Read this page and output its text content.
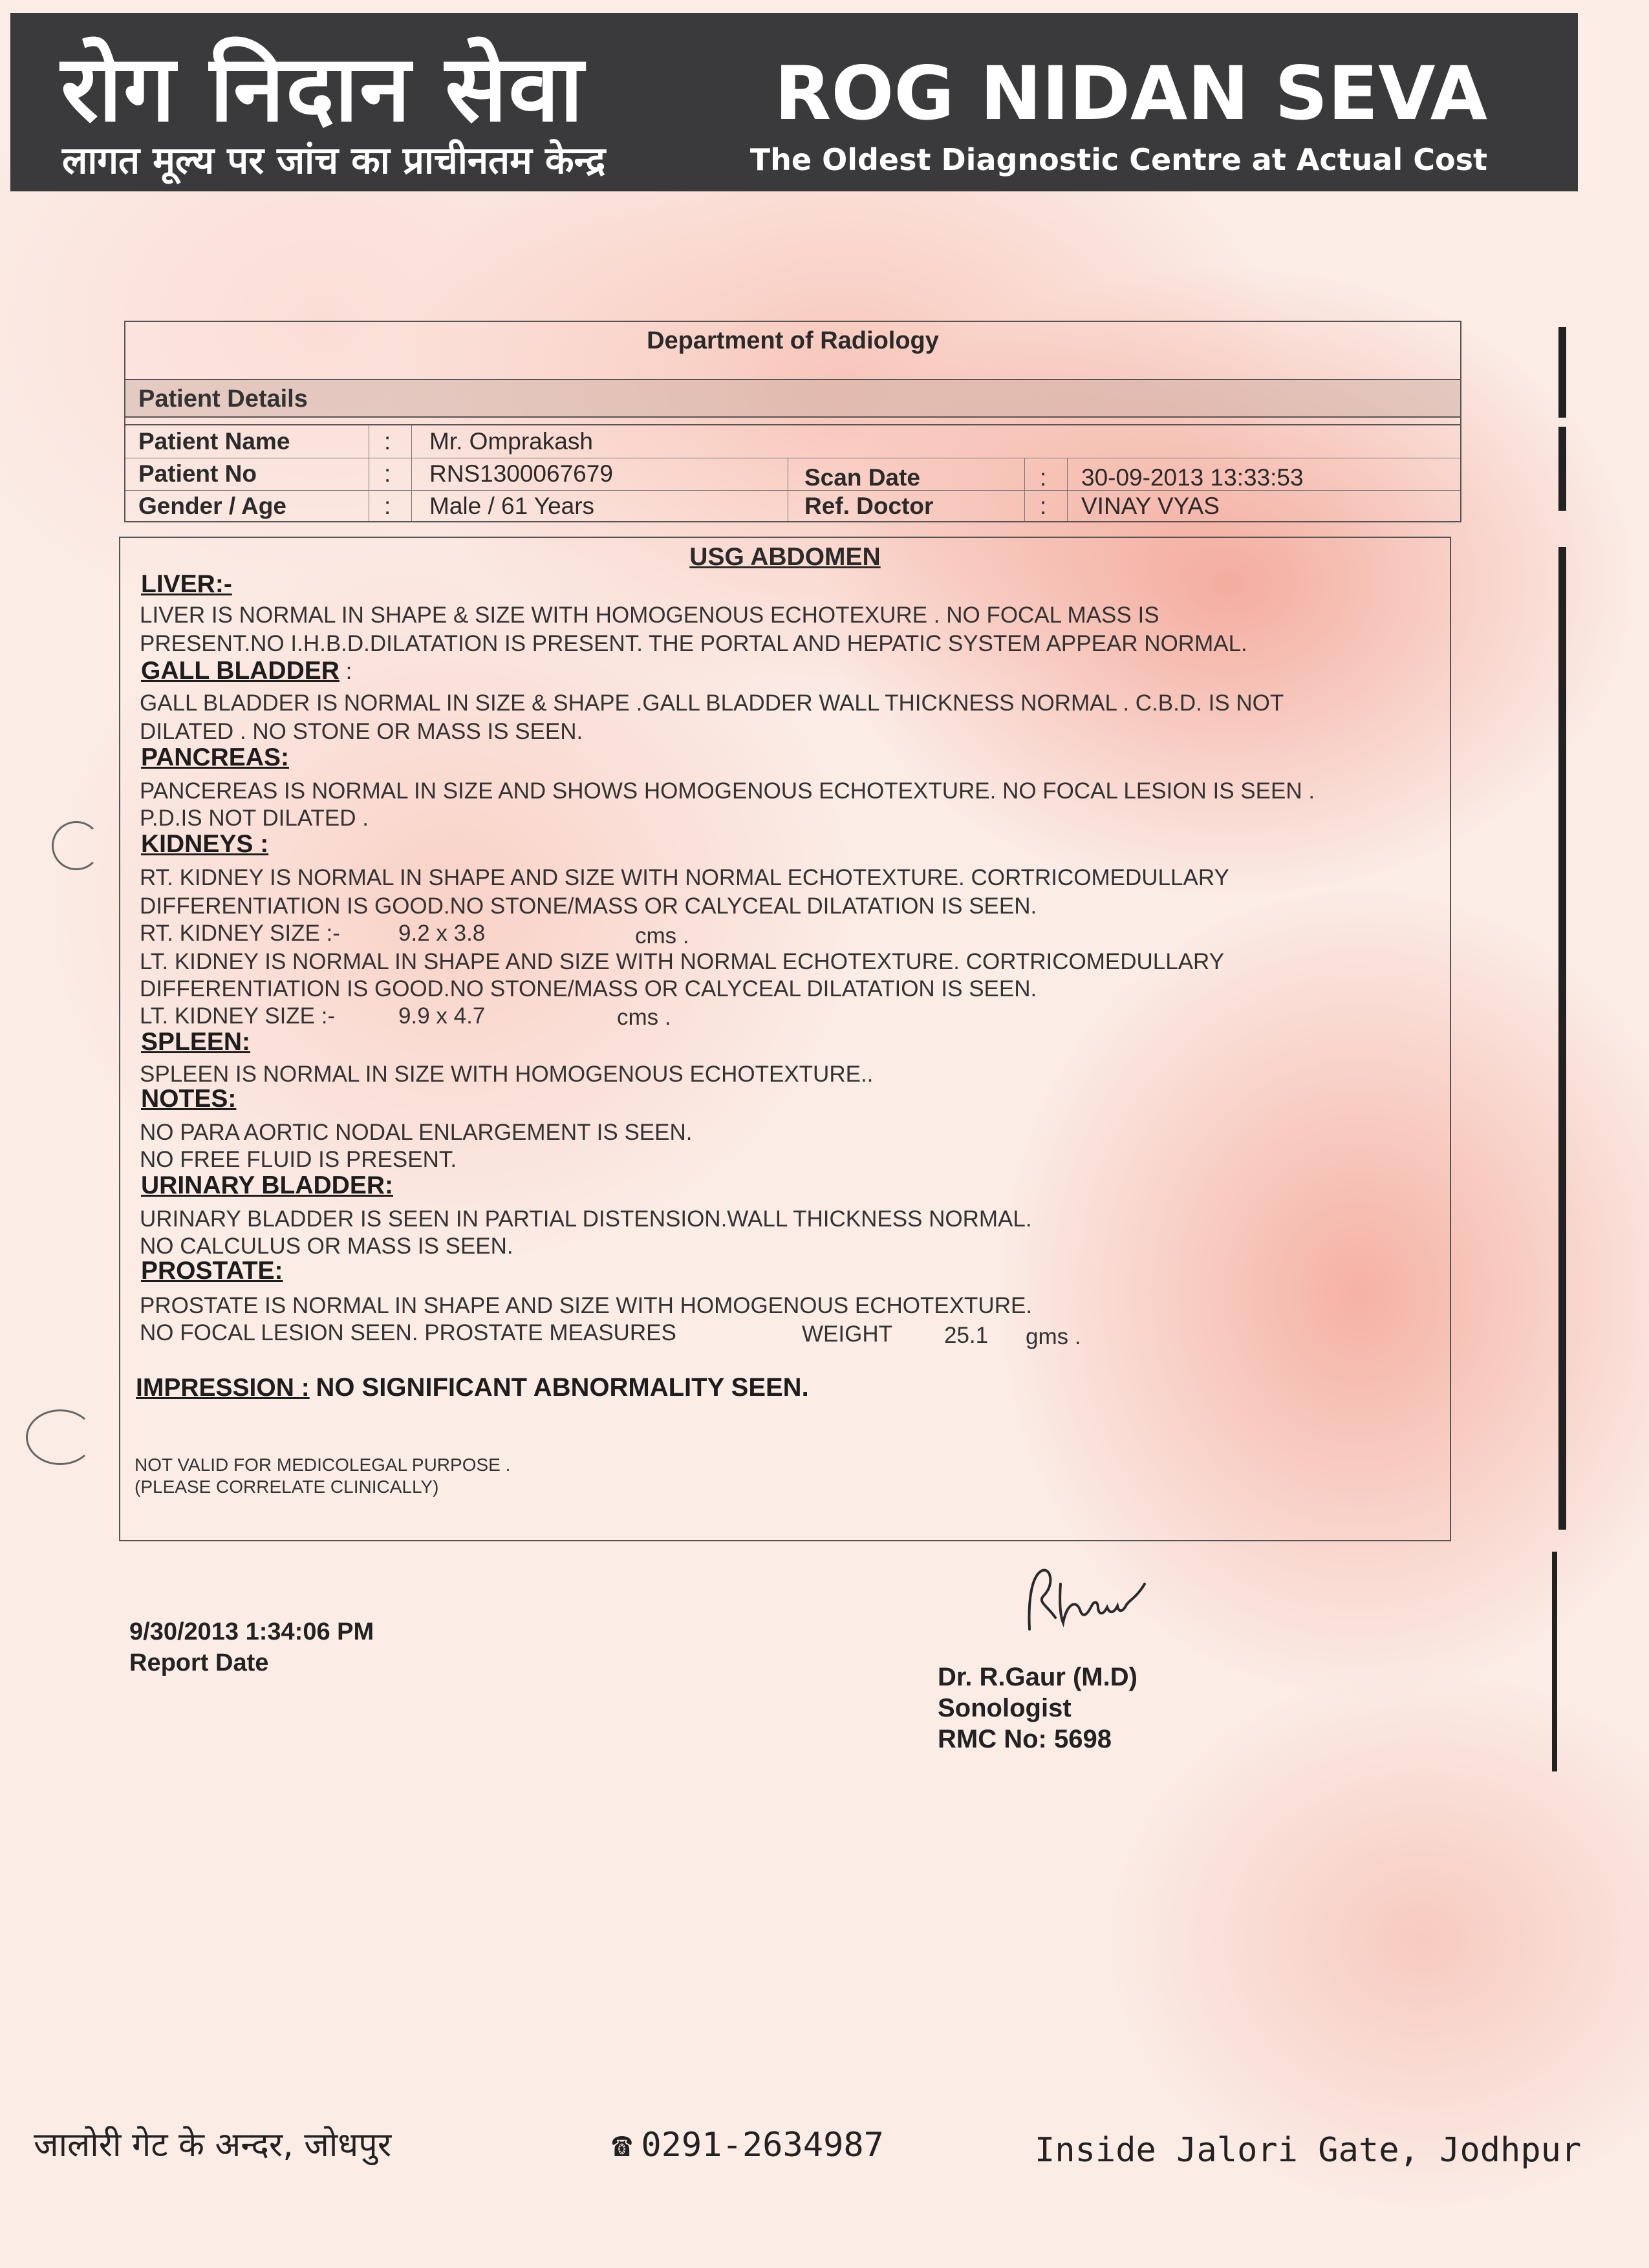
रोग निदान सेवा
लागत मूल्य पर जांच का प्राचीनतम केन्द्र
ROG NIDAN SEVA
The Oldest Diagnostic Centre at Actual Cost
Department of Radiology
Patient Details
Patient Name	: Mr. Omprakash
Patient No	: RNS1300067679	Scan Date	: 30-09-2013 13:33:53
Gender / Age	: Male / 61 Years	Ref. Doctor	: VINAY VYAS
USG ABDOMEN
LIVER:-
LIVER IS NORMAL IN SHAPE & SIZE WITH HOMOGENOUS ECHOTEXURE . NO FOCAL MASS IS
PRESENT.NO I.H.B.D.DILATATION IS PRESENT. THE PORTAL AND HEPATIC SYSTEM APPEAR NORMAL.
GALL BLADDER :
GALL BLADDER IS NORMAL IN SIZE & SHAPE .GALL BLADDER WALL THICKNESS NORMAL . C.B.D. IS NOT
DILATED . NO STONE OR MASS IS SEEN.
PANCREAS:
PANCEREAS IS NORMAL IN SIZE AND SHOWS HOMOGENOUS ECHOTEXTURE. NO FOCAL LESION IS SEEN .
P.D.IS NOT DILATED .
KIDNEYS :
RT. KIDNEY IS NORMAL IN SHAPE AND SIZE WITH NORMAL ECHOTEXTURE. CORTRICOMEDULLARY
DIFFERENTIATION IS GOOD.NO STONE/MASS OR CALYCEAL DILATATION IS SEEN.
RT. KIDNEY SIZE :-	9.2 x 3.8	cms .
LT. KIDNEY IS NORMAL IN SHAPE AND SIZE WITH NORMAL ECHOTEXTURE. CORTRICOMEDULLARY
DIFFERENTIATION IS GOOD.NO STONE/MASS OR CALYCEAL DILATATION IS SEEN.
LT. KIDNEY SIZE :-	9.9 x 4.7	cms .
SPLEEN:
SPLEEN IS NORMAL IN SIZE WITH HOMOGENOUS ECHOTEXTURE..
NOTES:
NO PARA AORTIC NODAL ENLARGEMENT IS SEEN.
NO FREE FLUID IS PRESENT.
URINARY BLADDER:
URINARY BLADDER IS SEEN IN PARTIAL DISTENSION.WALL THICKNESS NORMAL.
NO CALCULUS OR MASS IS SEEN.
PROSTATE:
PROSTATE IS NORMAL IN SHAPE AND SIZE WITH HOMOGENOUS ECHOTEXTURE.
NO FOCAL LESION SEEN. PROSTATE MEASURES	WEIGHT 25.1 gms .
IMPRESSION : NO SIGNIFICANT ABNORMALITY SEEN.
NOT VALID FOR MEDICOLEGAL PURPOSE .
(PLEASE CORRELATE CLINICALLY)
9/30/2013 1:34:06 PM
Report Date	Dr. R.Gaur (M.D)
Sonologist
RMC No: 5698
जालोरी गेट के अन्दर, जोधपुर	☎ 0291-2634987	Inside Jalori Gate, Jodhpur
